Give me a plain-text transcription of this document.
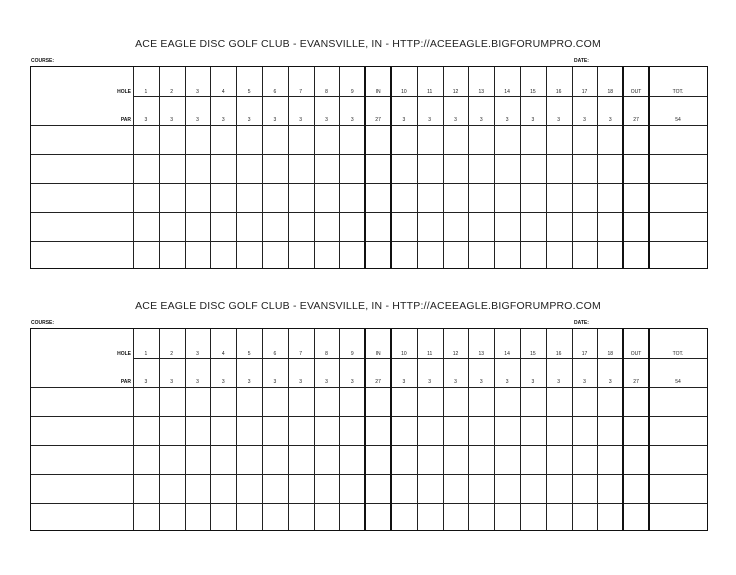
ACE EAGLE DISC GOLF CLUB - EVANSVILLE, IN - HTTP://ACEEAGLE.BIGFORUMPRO.COM
COURSE:	DATE:
HOLE
PAR
1
3
2
3
3
3
4
3
5
3
6
3
7
3
8
3
9
3
IN
27
10
3
11
3
12
3
13
3
14
3
15
3
16
3
17
3
18
3
OUT
27
TOT.
54
ACE EAGLE DISC GOLF CLUB - EVANSVILLE, IN - HTTP://ACEEAGLE.BIGFORUMPRO.COM
COURSE:	DATE:
HOLE
PAR
1
3
2
3
3
3
4
3
5
3
6
3
7
3
8
3
9
3
IN
27
10
3
11
3
12
3
13
3
14
3
15
3
16
3
17
3
18
3
OUT
27
TOT.
54
